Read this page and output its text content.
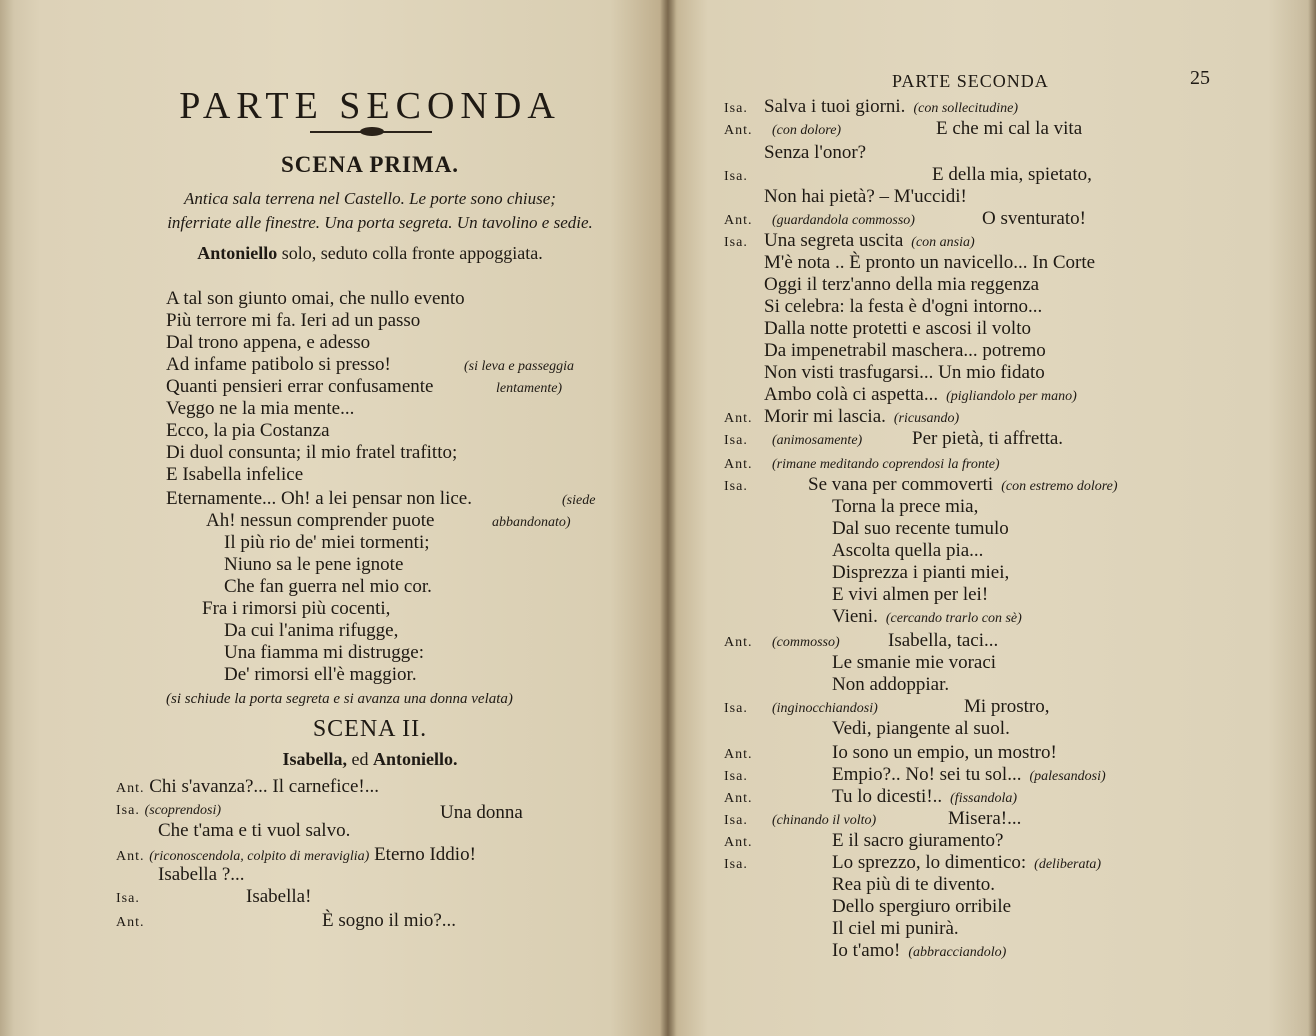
PARTE SECONDA
SCENA PRIMA.
Antica sala terrena nel Castello. Le porte sono chiuse;
inferriate alle finestre. Una porta segreta. Un tavolino e sedie.
Antoniello solo, seduto colla fronte appoggiata.
A tal son giunto omai, che nullo evento
Più terrore mi fa. Ieri ad un passo
Dal trono appena, e adesso
Ad infame patibolo si presso!	(si leva e passeggia
Quanti pensieri errar confusamente	lentamente)
Veggo ne la mia mente...
Ecco, la pia Costanza
Di duol consunta; il mio fratel trafitto;
E Isabella infelice
Eternamente... Oh! a lei pensar non lice.	(siede
Ah! nessun comprender puote	abbandonato)
Il più rio de' miei tormenti;
Niuno sa le pene ignote
Che fan guerra nel mio cor.
Fra i rimorsi più cocenti,
Da cui l'anima rifugge,
Una fiamma mi distrugge:
De' rimorsi ell'è maggior.
(si schiude la porta segreta e si avanza una donna velata)
SCENA II.
Isabella, ed Antoniello.
Ant. Chi s'avanza?... Il carnefice!...
Isa. (scoprendosi)	Una donna
Che t'ama e ti vuol salvo.
Ant. (riconoscendola, colpito di meraviglia) Eterno Iddio!
Isabella ?...
Isa.	Isabella!
Ant.	È sogno il mio?...
PARTE SECONDA	25
Isa. Salva i tuoi giorni. (con sollecitudine)
Ant. (con dolore)	E che mi cal la vita
Senza l'onor?
Isa.	E della mia, spietato,
Non hai pietà? – M'uccidi!
Ant. (guardandola commosso)	O sventurato!
Isa. Una segreta uscita (con ansia)
M'è nota .. È pronto un navicello... In Corte
Oggi il terz'anno della mia reggenza
Si celebra: la festa è d'ogni intorno...
Dalla notte protetti e ascosi il volto
Da impenetrabil maschera... potremo
Non visti trasfugarsi... Un mio fidato
Ambo colà ci aspetta... (pigliandolo per mano)
Ant. Morir mi lascia. (ricusando)
Isa. (animosamente)	Per pietà, ti affretta.
Ant. (rimane meditando coprendosi la fronte)
Isa.	Se vana per commoverti (con estremo dolore)
Torna la prece mia,
Dal suo recente tumulo
Ascolta quella pia...
Disprezza i pianti miei,
E vivi almen per lei!
Vieni. (cercando trarlo con sè)
Ant. (commosso)	Isabella, taci...
Le smanie mie voraci
Non addoppiar.
Isa. (inginocchiandosi)	Mi prostro,
Vedi, piangente al suol.
Ant.	Io sono un empio, un mostro!
Isa.	Empio?.. No! sei tu sol... (palesandosi)
Ant.	Tu lo dicesti!.. (fissandola)
Isa. (chinando il volto)	Misera!...
Ant.	E il sacro giuramento?
Isa.	Lo sprezzo, lo dimentico: (deliberata)
Rea più di te divento.
Dello spergiuro orribile
Il ciel mi punirà.
Io t'amo! (abbracciandolo)
